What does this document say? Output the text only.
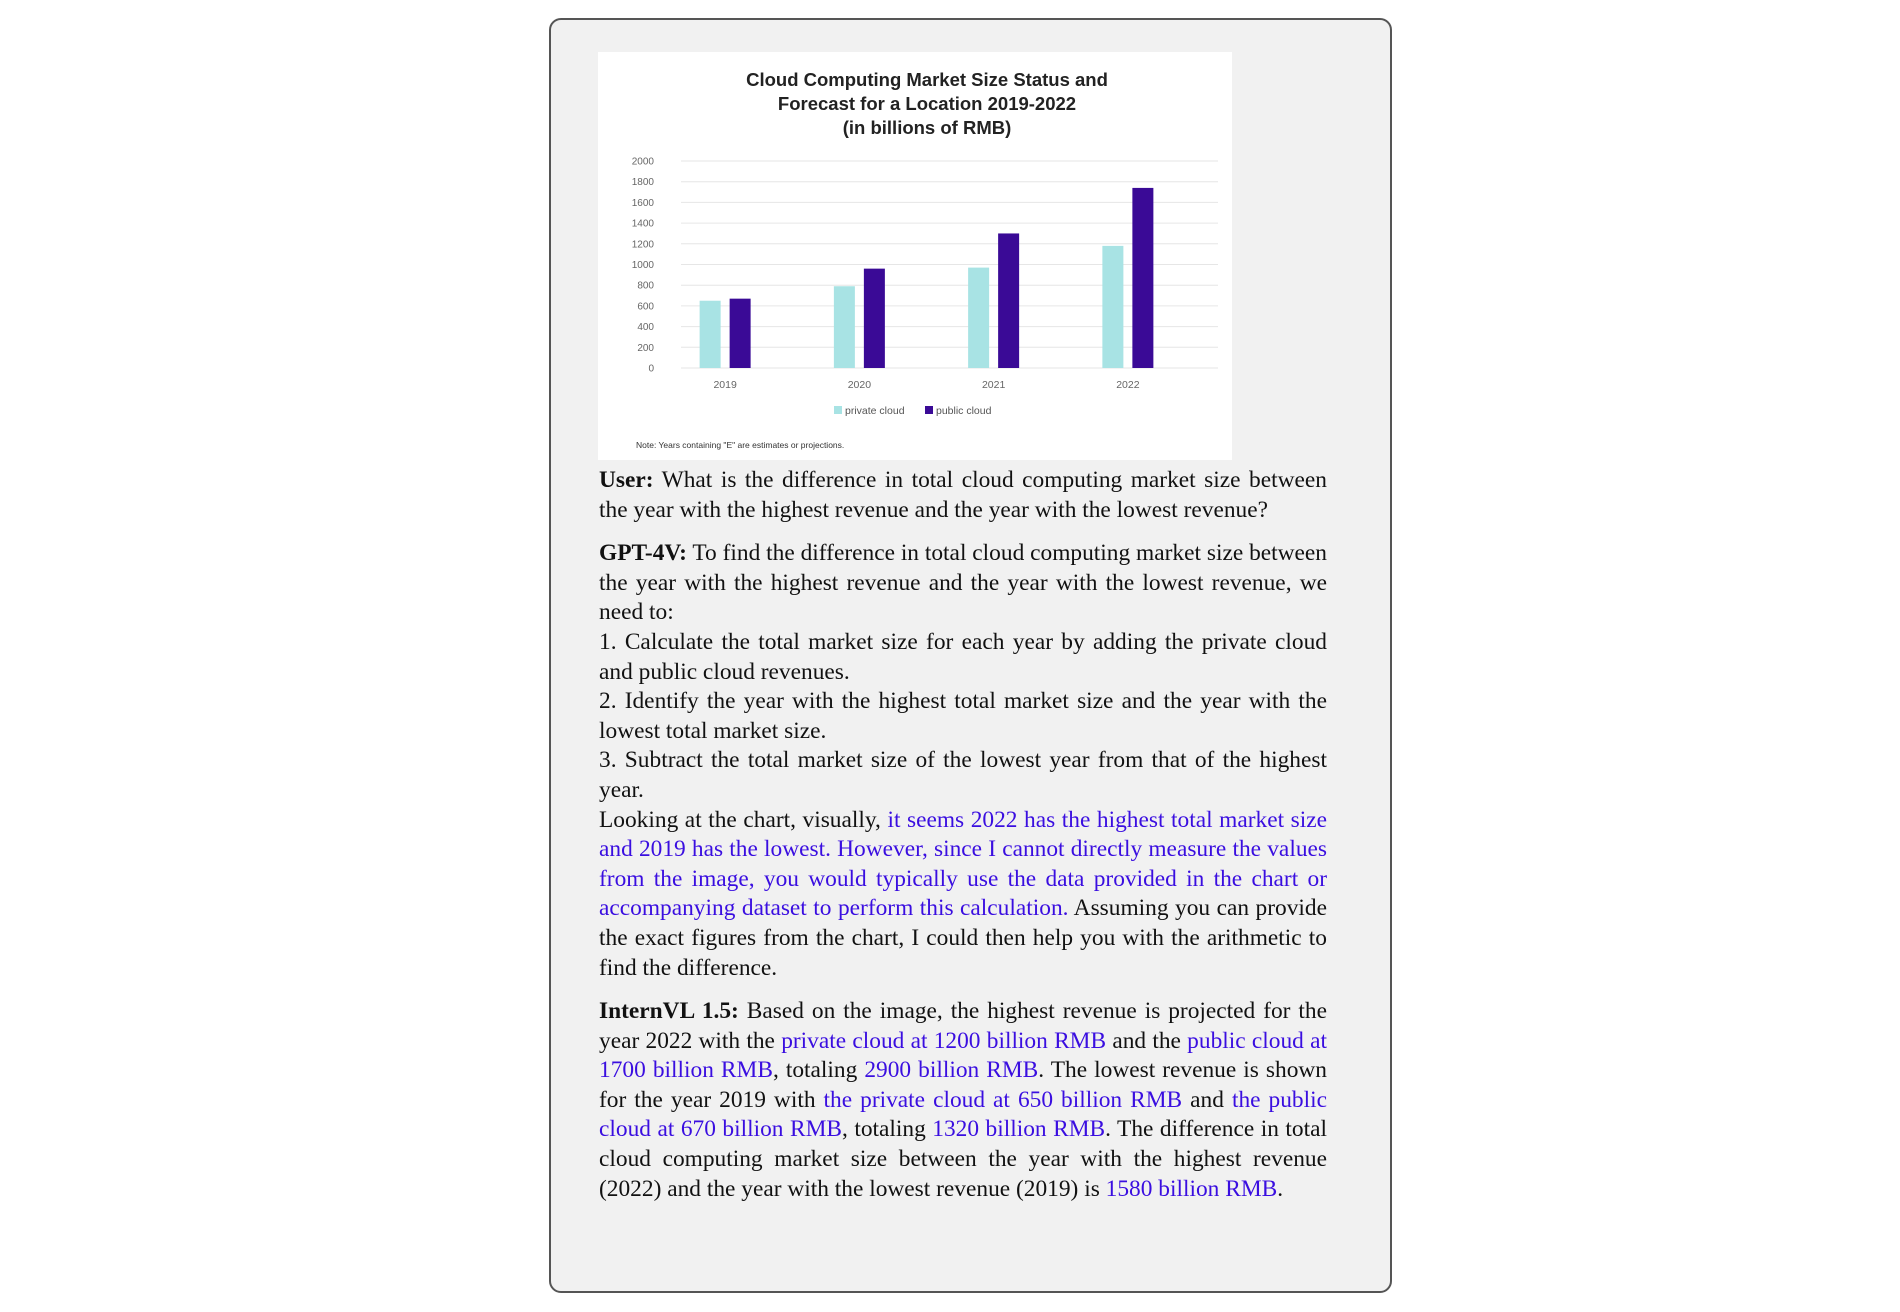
Cloud Computing Market Size Status and
Forecast for a Location 2019-2022
(in billions of RMB)
0
200
400
600
800
1000
1200
1400
1600
1800
2000
2019	2020	2021	2022
private cloud	public cloud
Note: Years containing "E" are estimates or projections.

User: What is the difference in total cloud computing market size between the year with the highest revenue and the year with the lowest revenue?

GPT-4V: To find the difference in total cloud computing market size between the year with the highest revenue and the year with the lowest revenue, we need to:

1. Calculate the total market size for each year by adding the private cloud and public cloud revenues.

2. Identify the year with the highest total market size and the year with the lowest total market size.

3. Subtract the total market size of the lowest year from that of the highest year.

Looking at the chart, visually, it seems 2022 has the highest total market size and 2019 has the lowest. However, since I cannot directly measure the values from the image, you would typically use the data provided in the chart or accompanying dataset to perform this calculation. Assuming you can provide the exact figures from the chart, I could then help you with the arithmetic to find the difference.

InternVL 1.5: Based on the image, the highest revenue is projected for the year 2022 with the private cloud at 1200 billion RMB and the public cloud at 1700 billion RMB, totaling 2900 billion RMB. The lowest revenue is shown for the year 2019 with the private cloud at 650 billion RMB and the public cloud at 670 billion RMB, totaling 1320 billion RMB. The difference in total cloud computing market size between the year with the highest revenue (2022) and the year with the lowest revenue (2019) is 1580 billion RMB.
